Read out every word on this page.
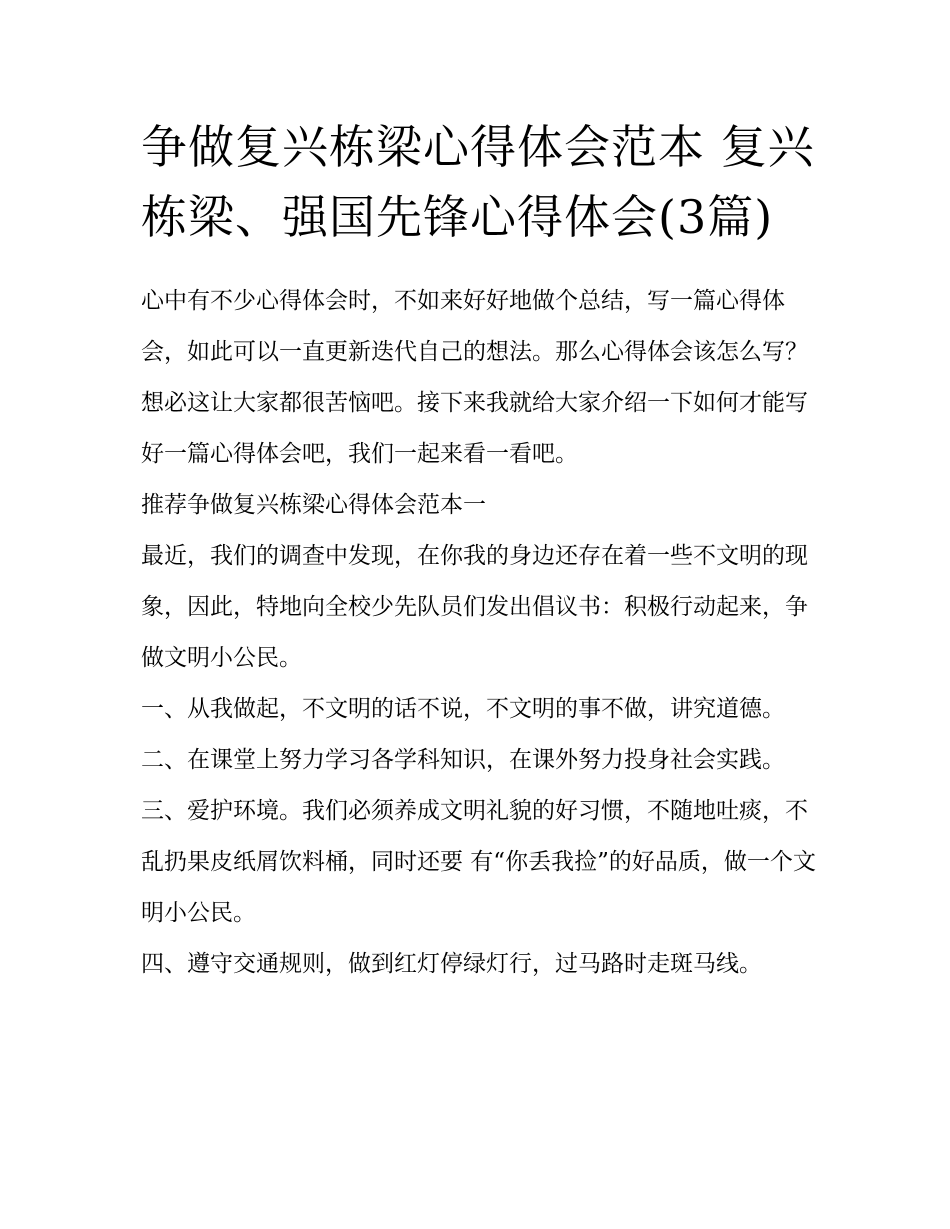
争做复兴栋梁心得体会范本 复兴栋梁、强国先锋心得体会(3篇)

心中有不少心得体会时，不如来好好地做个总结，写一篇心得体会，如此可以一直更新迭代自己的想法。那么心得体会该怎么写？想必这让大家都很苦恼吧。接下来我就给大家介绍一下如何才能写好一篇心得体会吧，我们一起来看一看吧。

推荐争做复兴栋梁心得体会范本一

最近，我们的调查中发现，在你我的身边还存在着一些不文明的现象，因此，特地向全校少先队员们发出倡议书：积极行动起来，争做文明小公民。

一、从我做起，不文明的话不说，不文明的事不做，讲究道德。 二、在课堂上努力学习各学科知识，在课外努力投身社会实践。

三、爱护环境。我们必须养成文明礼貌的好习惯，不随地吐痰，不乱扔果皮纸屑饮料桶，同时还要 有“你丢我捡”的好品质，做一个文明小公民。

四、遵守交通规则，做到红灯停绿灯行，过马路时走斑马线。
